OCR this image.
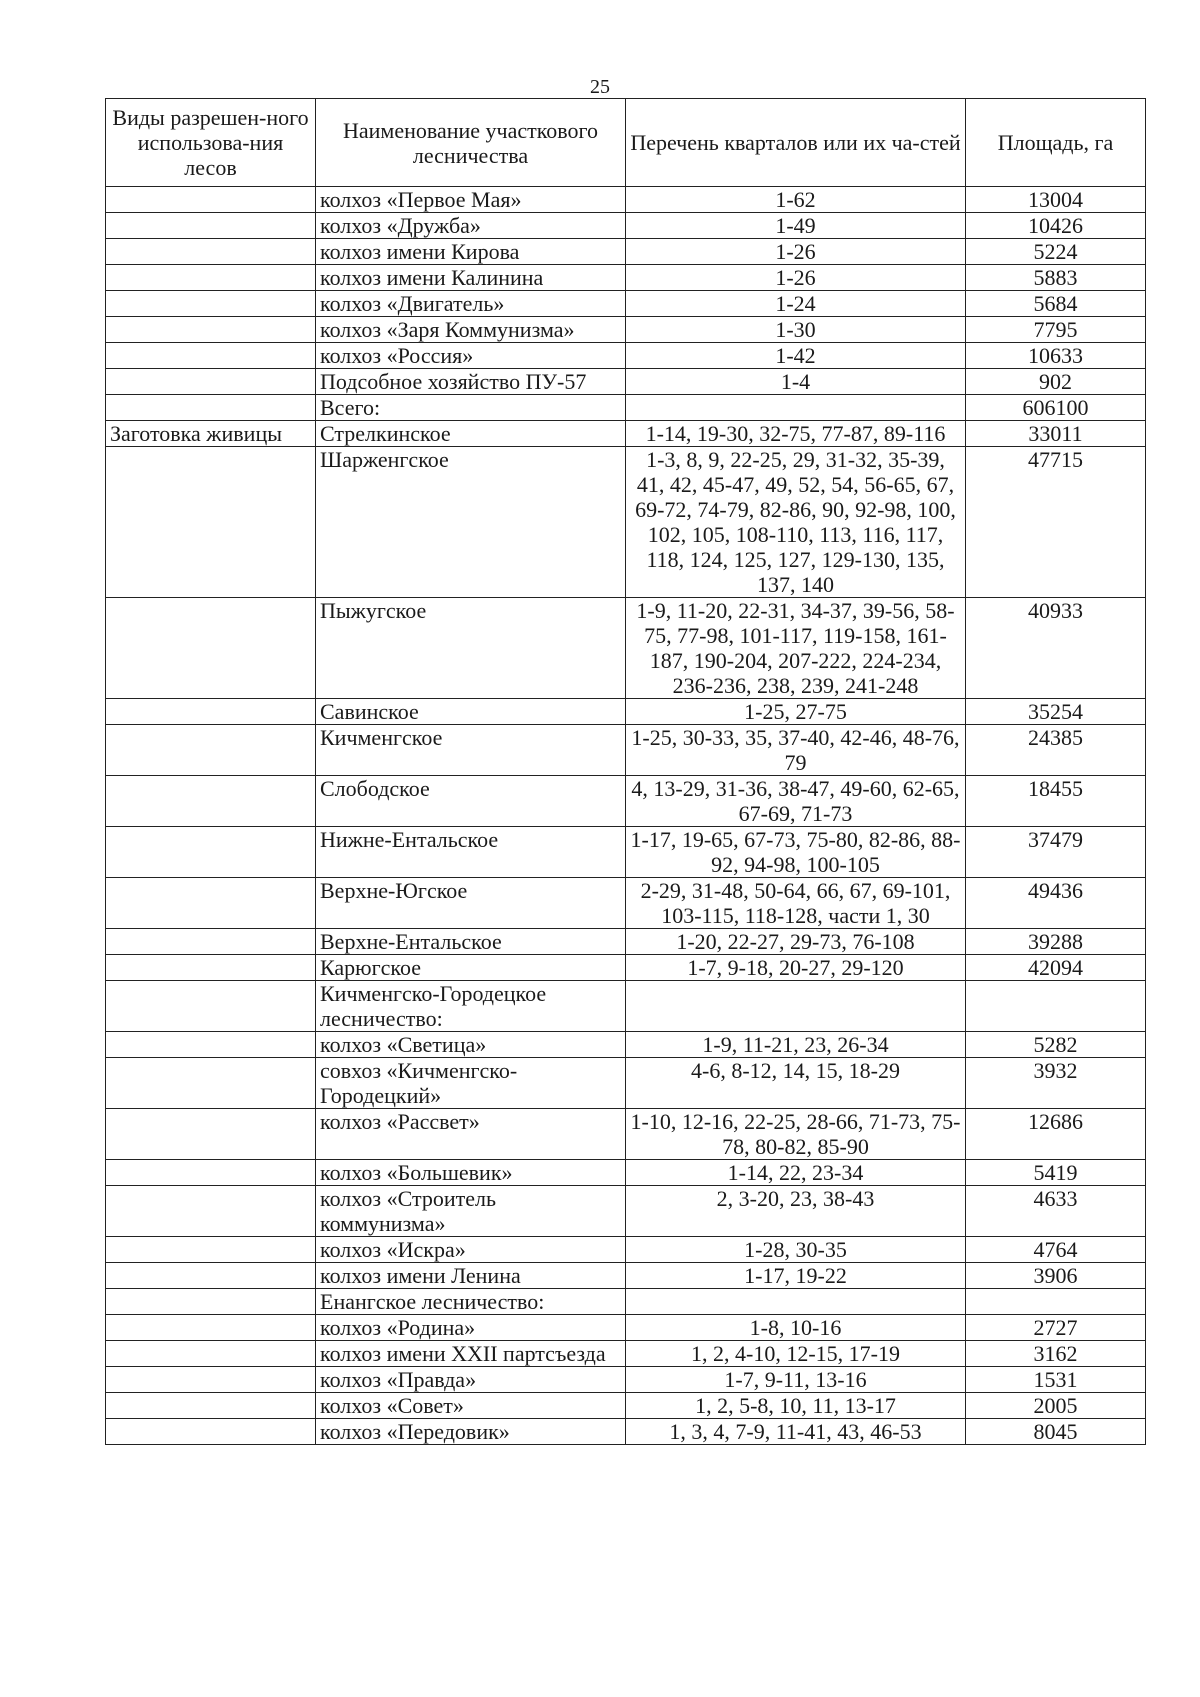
25
Виды разрешен-ного использова-ния лесов	Наименование участкового лесничества	Перечень кварталов или их ча-стей	Площадь, га
	колхоз «Первое Мая»	1-62	13004
	колхоз «Дружба»	1-49	10426
	колхоз имени Кирова	1-26	5224
	колхоз имени Калинина	1-26	5883
	колхоз «Двигатель»	1-24	5684
	колхоз «Заря Коммунизма»	1-30	7795
	колхоз «Россия»	1-42	10633
	Подсобное хозяйство ПУ-57	1-4	902
	Всего:		606100
Заготовка живицы	Стрелкинское	1-14, 19-30, 32-75, 77-87, 89-116	33011
	Шарженгское	1-3, 8, 9, 22-25, 29, 31-32, 35-39, 41, 42, 45-47, 49, 52, 54, 56-65, 67, 69-72, 74-79, 82-86, 90, 92-98, 100, 102, 105, 108-110, 113, 116, 117, 118, 124, 125, 127, 129-130, 135, 137, 140	47715
	Пыжугское	1-9, 11-20, 22-31, 34-37, 39-56, 58-75, 77-98, 101-117, 119-158, 161-187, 190-204, 207-222, 224-234, 236-236, 238, 239, 241-248	40933
	Савинское	1-25, 27-75	35254
	Кичменгское	1-25, 30-33, 35, 37-40, 42-46, 48-76, 79	24385
	Слободское	4, 13-29, 31-36, 38-47, 49-60, 62-65, 67-69, 71-73	18455
	Нижне-Ентальское	1-17, 19-65, 67-73, 75-80, 82-86, 88-92, 94-98, 100-105	37479
	Верхне-Югское	2-29, 31-48, 50-64, 66, 67, 69-101, 103-115, 118-128, части 1, 30	49436
	Верхне-Ентальское	1-20, 22-27, 29-73, 76-108	39288
	Карюгское	1-7, 9-18, 20-27, 29-120	42094
	Кичменгско-Городецкое лесничество:		
	колхоз «Светица»	1-9, 11-21, 23, 26-34	5282
	совхоз «Кичменгско-Городецкий»	4-6, 8-12, 14, 15, 18-29	3932
	колхоз «Рассвет»	1-10, 12-16, 22-25, 28-66, 71-73, 75-78, 80-82, 85-90	12686
	колхоз «Большевик»	1-14, 22, 23-34	5419
	колхоз «Строитель коммунизма»	2, 3-20, 23, 38-43	4633
	колхоз «Искра»	1-28, 30-35	4764
	колхоз имени Ленина	1-17, 19-22	3906
	Енангское лесничество:		
	колхоз «Родина»	1-8, 10-16	2727
	колхоз имени XXII партсъезда	1, 2, 4-10, 12-15, 17-19	3162
	колхоз «Правда»	1-7, 9-11, 13-16	1531
	колхоз «Совет»	1, 2, 5-8, 10, 11, 13-17	2005
	колхоз «Передовик»	1, 3, 4, 7-9, 11-41, 43, 46-53	8045
